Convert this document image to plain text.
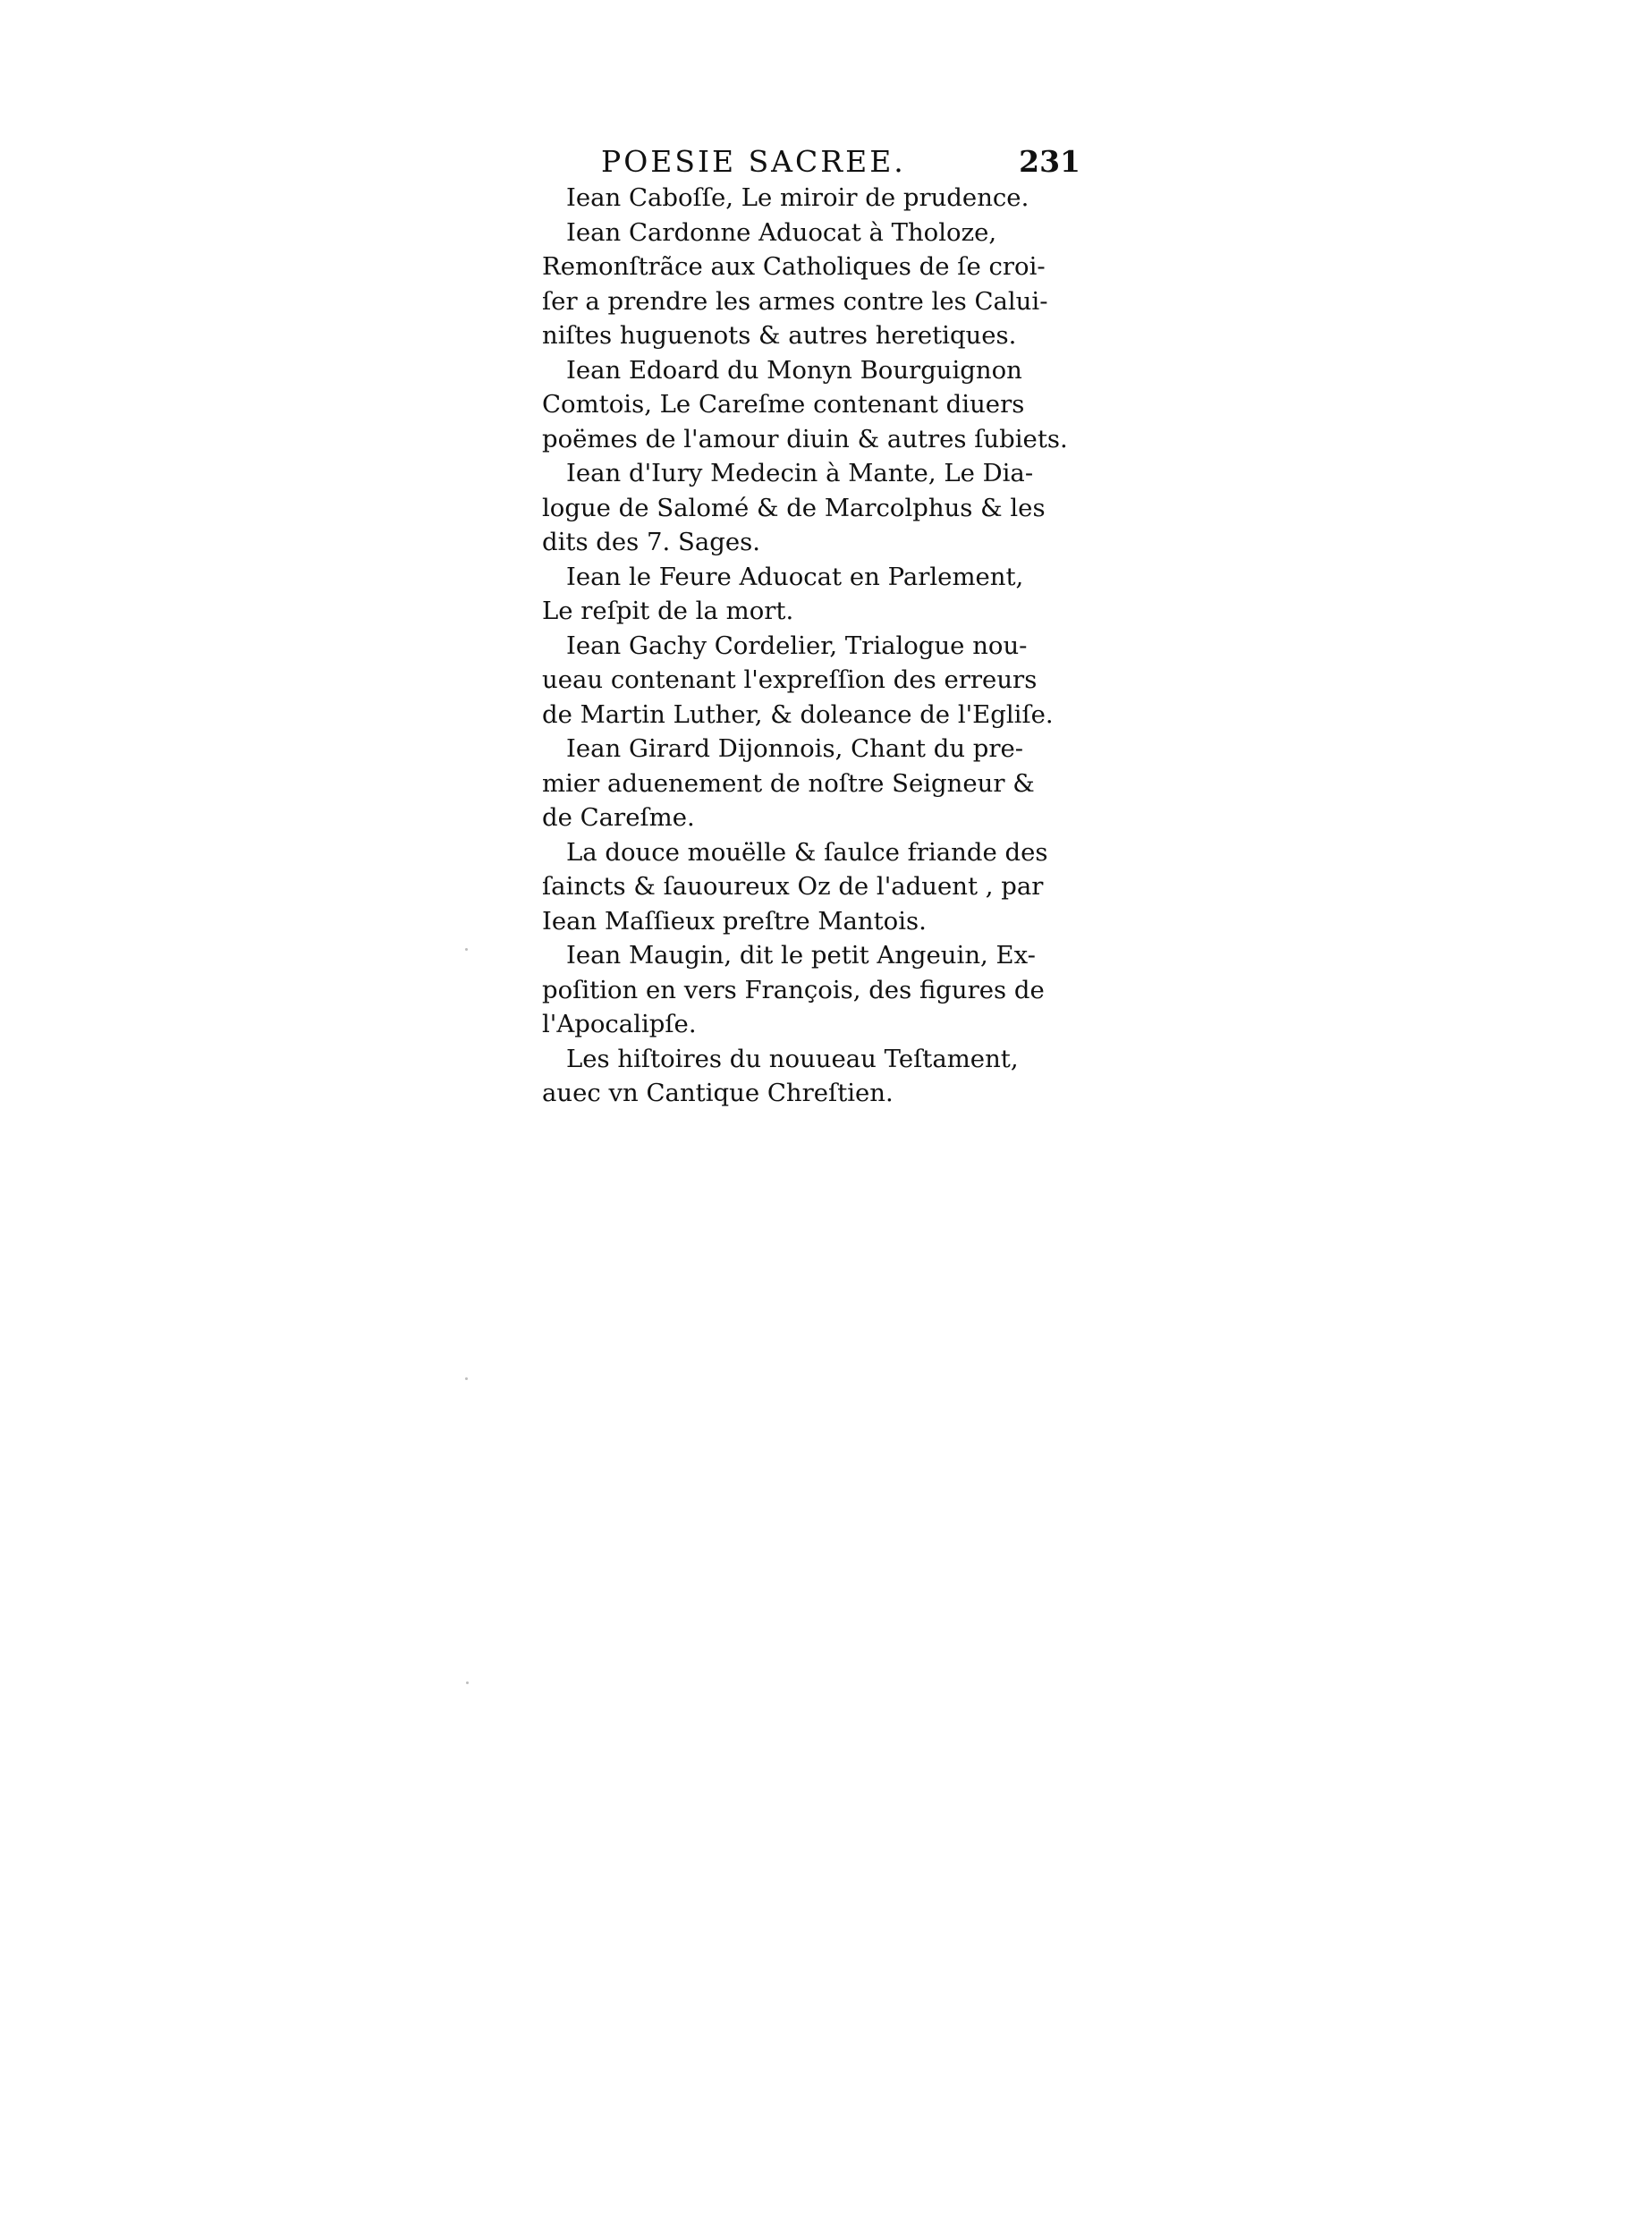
POESIE SACREE.	231
Iean Caboſſe, Le miroir de prudence.
Iean Cardonne Aduocat à Tholoze,
Remonſtrãce aux Catholiques de ſe croi-
ſer a prendre les armes contre les Calui-
niſtes huguenots & autres heretiques.
Iean Edoard du Monyn Bourguignon
Comtois, Le Careſme contenant diuers
poëmes de l'amour diuin & autres ſubiets.
Iean d'Iury Medecin à Mante, Le Dia-
logue de Salomé & de Marcolphus & les
dits des 7. Sages.
Iean le Feure Aduocat en Parlement,
Le reſpit de la mort.
Iean Gachy Cordelier, Trialogue nou-
ueau contenant l'expreſſion des erreurs
de Martin Luther, & doleance de l'Egliſe.
Iean Girard Dijonnois, Chant du pre-
mier aduenement de noſtre Seigneur &
de Careſme.
La douce mouëlle & ſaulce friande des
ſaincts & ſauoureux Oz de l'aduent , par
Iean Maſſieux preſtre Mantois.
Iean Maugin, dit le petit Angeuin, Ex-
poſition en vers François, des figures de
l'Apocalipſe.
Les hiſtoires du nouueau Teſtament,
auec vn Cantique Chreſtien.
